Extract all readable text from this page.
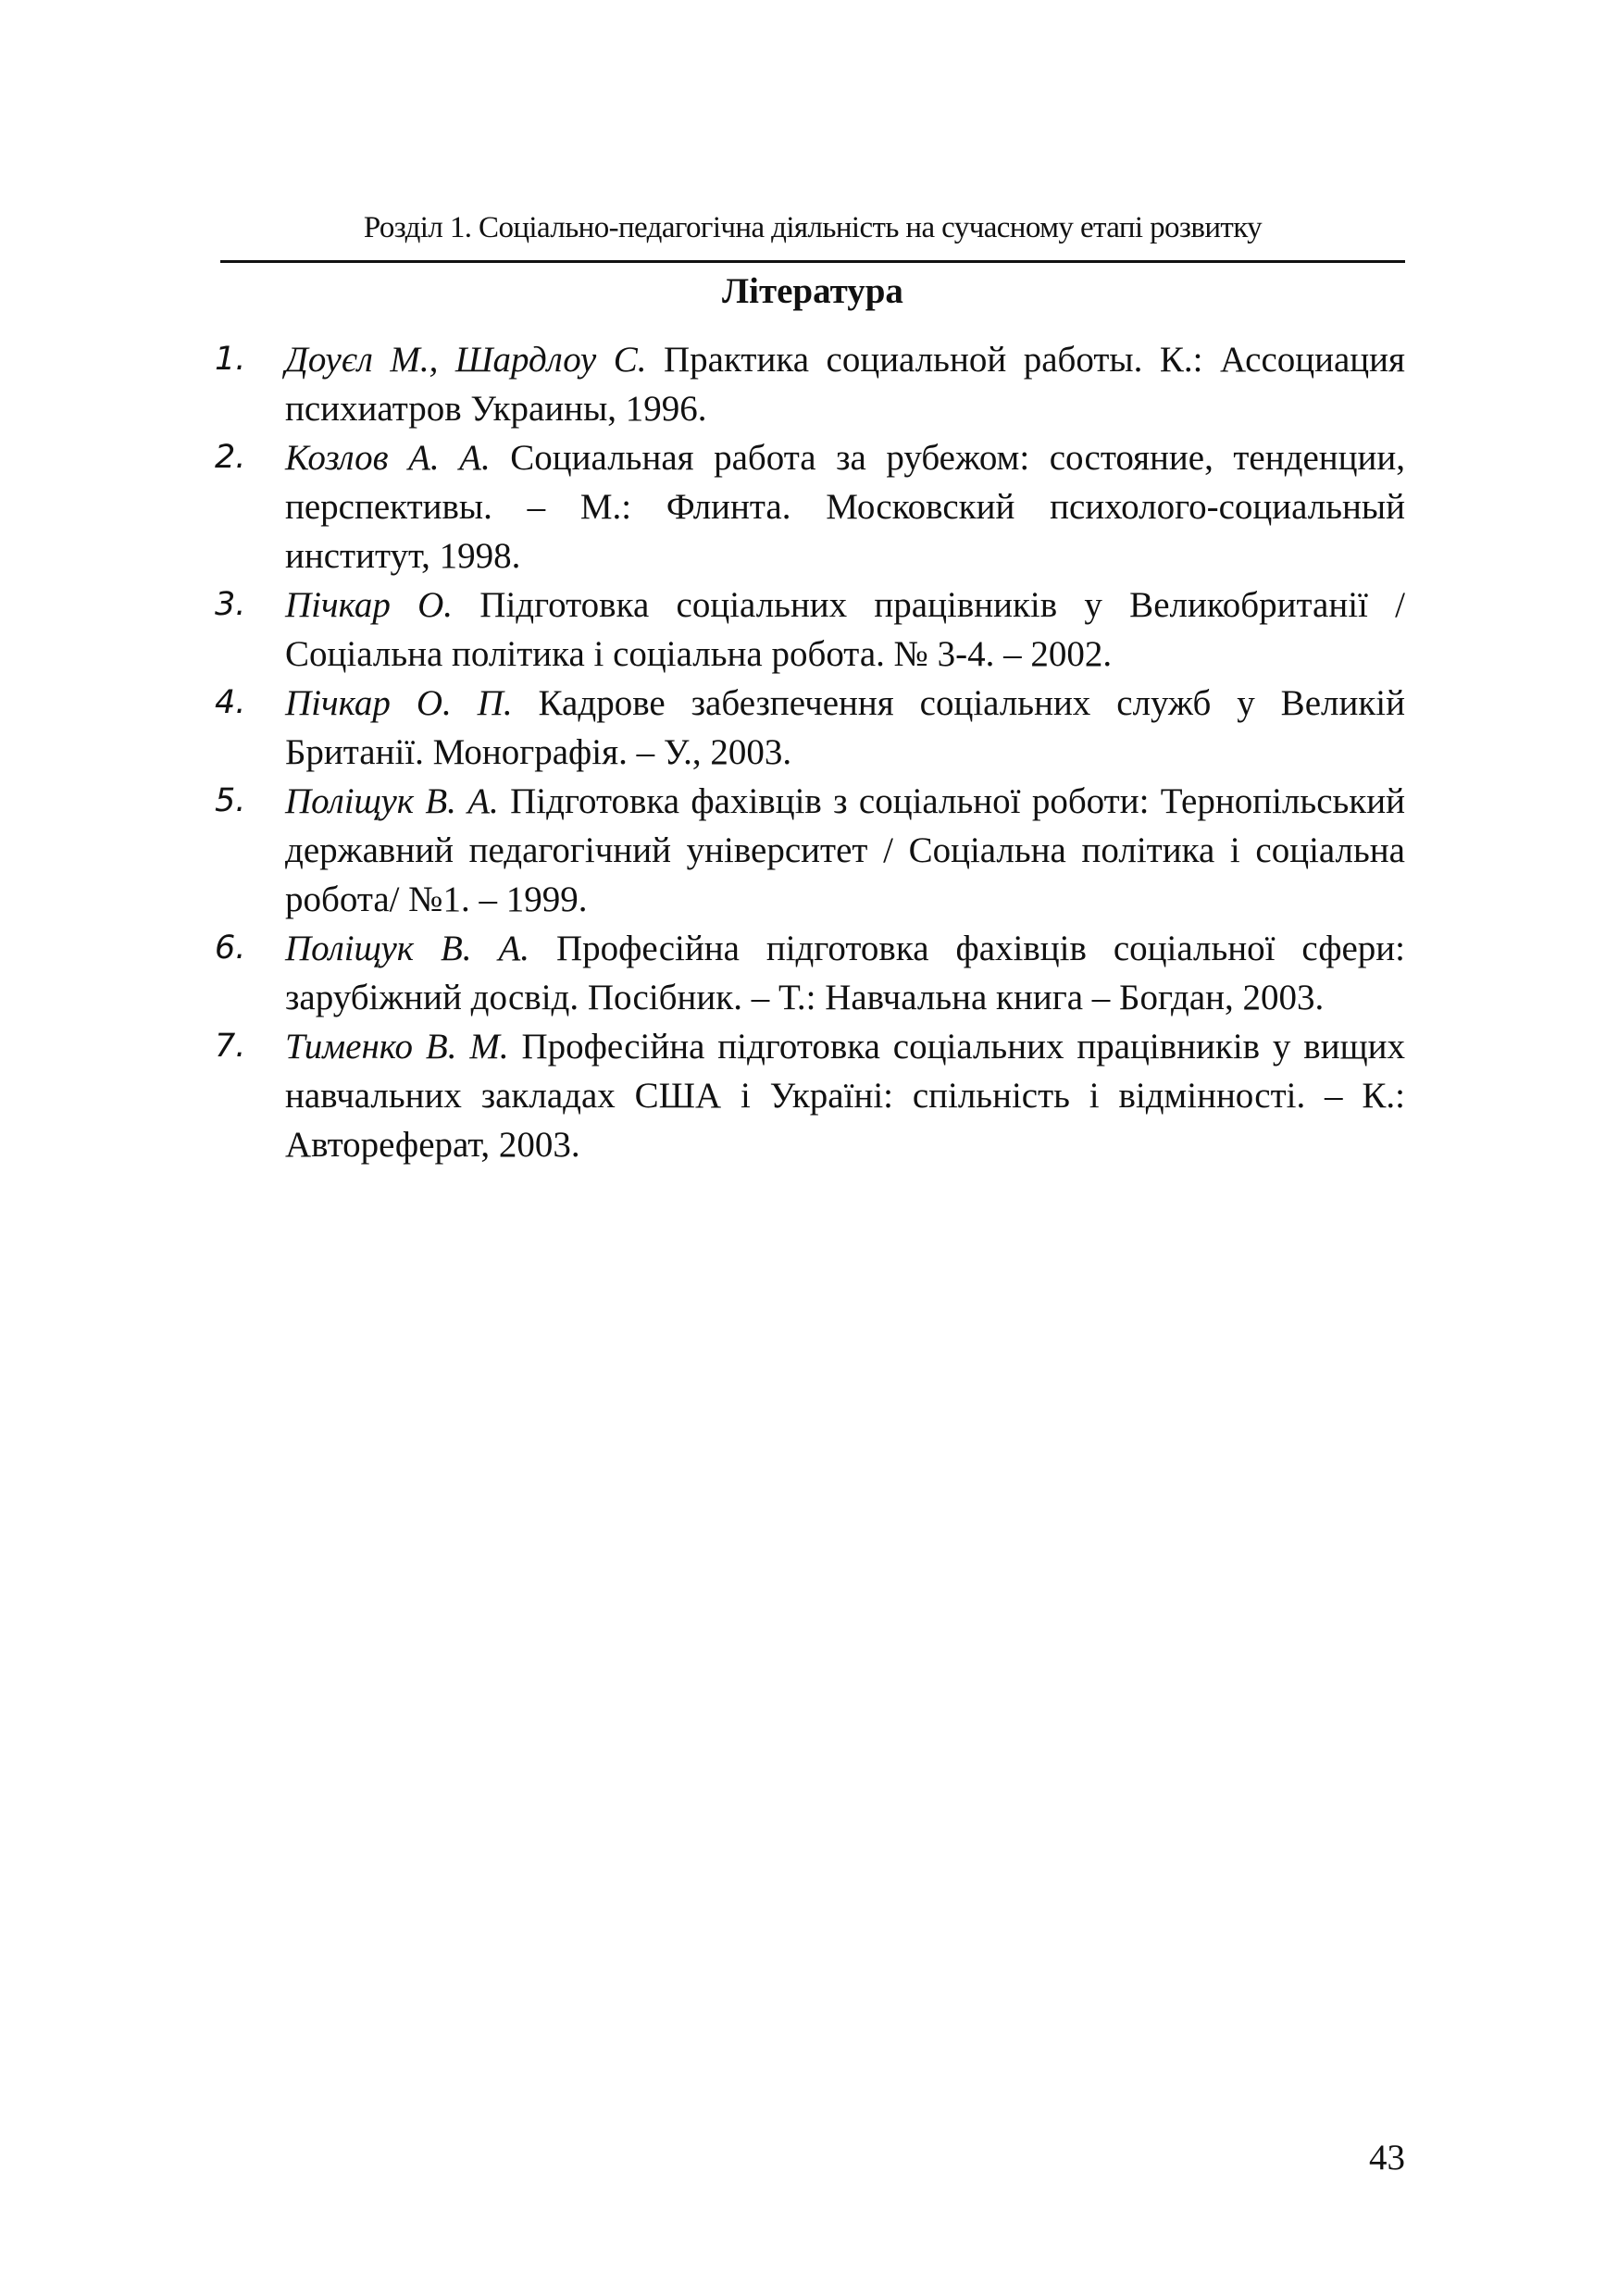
Розділ 1. Соціально-педагогічна діяльність на сучасному етапі розвитку
Література
1. Доуєл М., Шардлоу С. Практика социальной работы. К.: Ассоциация психиатров Украины, 1996.
2. Козлов А. А. Социальная работа за рубежом: состояние, тенденции, перспективы. – М.: Флинта. Московский психолого-социальный институт, 1998.
3. Пічкар О. Підготовка соціальних працівників у Великобританії /Соціальна політика і соціальна робота. № 3-4. – 2002.
4. Пічкар О. П. Кадрове забезпечення соціальних служб у Великій Британії. Монографія. – У., 2003.
5. Поліщук В. А. Підготовка фахівців з соціальної роботи: Тернопільський державний педагогічний університет / Соціальна політика і соціальна робота/ №1. – 1999.
6. Поліщук В. А. Професійна підготовка фахівців соціальної сфери: зарубіжний досвід. Посібник. – Т.: Навчальна книга – Богдан, 2003.
7. Тименко В. М. Професійна підготовка соціальних працівників у вищих навчальних закладах США і Україні: спільність і відмінності. – К.: Автореферат, 2003.
43
